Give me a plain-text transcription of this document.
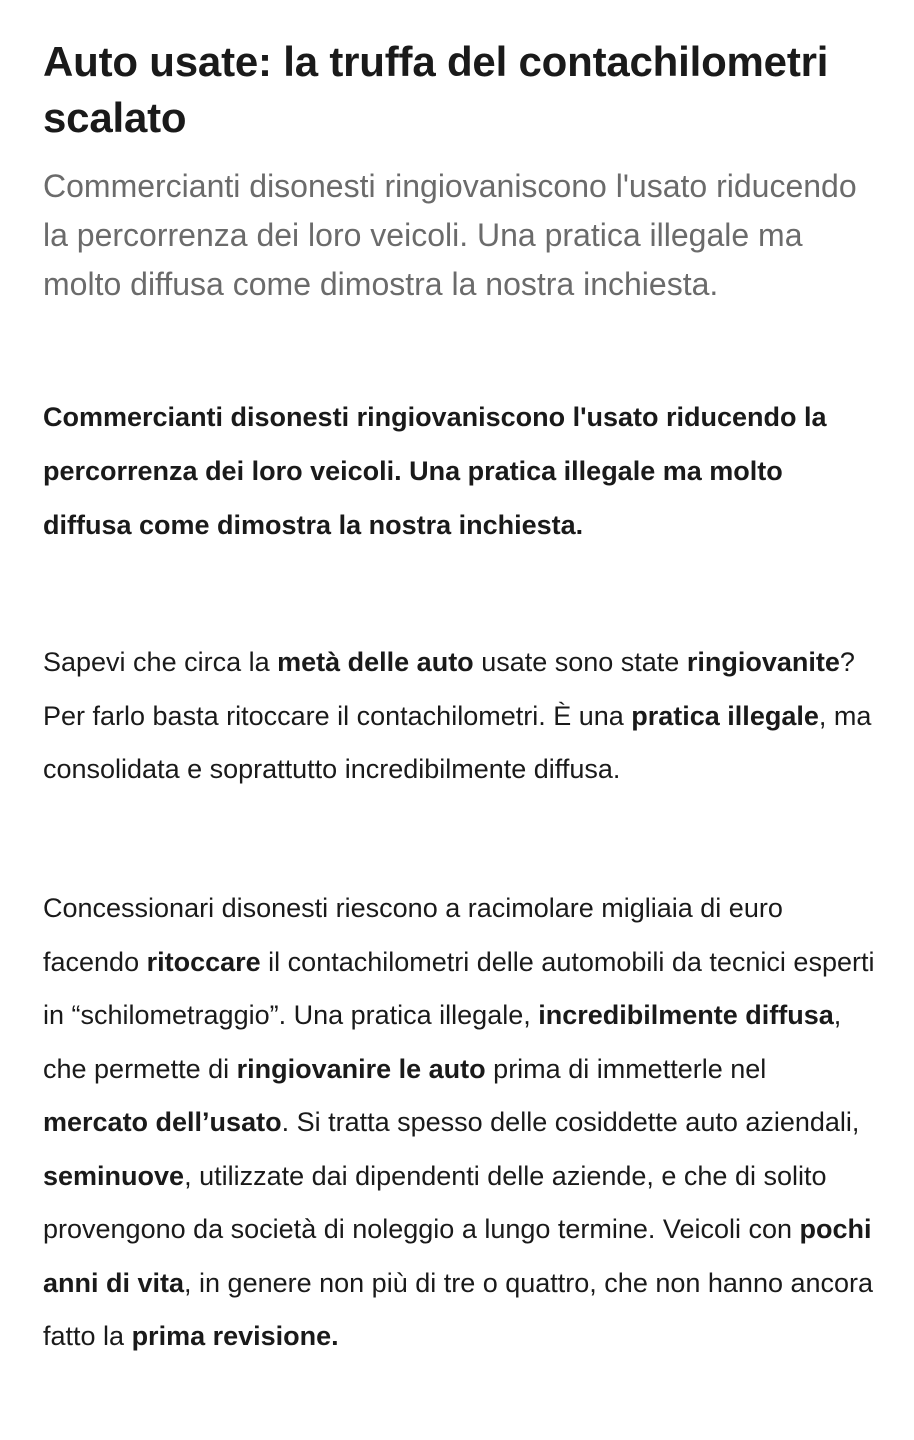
Auto usate: la truffa del contachilometri scalato

Commercianti disonesti ringiovaniscono l'usato riducendo la percorrenza dei loro veicoli. Una pratica illegale ma molto diffusa come dimostra la nostra inchiesta.

Commercianti disonesti ringiovaniscono l'usato riducendo la percorrenza dei loro veicoli. Una pratica illegale ma molto diffusa come dimostra la nostra inchiesta.

Sapevi che circa la metà delle auto usate sono state ringiovanite? Per farlo basta ritoccare il contachilometri. È una pratica illegale, ma consolidata e soprattutto incredibilmente diffusa.

Concessionari disonesti riescono a racimolare migliaia di euro facendo ritoccare il contachilometri delle automobili da tecnici esperti in “schilometraggio”. Una pratica illegale, incredibilmente diffusa, che permette di ringiovanire le auto prima di immetterle nel mercato dell’usato. Si tratta spesso delle cosiddette auto aziendali, seminuove, utilizzate dai dipendenti delle aziende, e che di solito provengono da società di noleggio a lungo termine. Veicoli con pochi anni di vita, in genere non più di tre o quattro, che non hanno ancora fatto la prima revisione.
